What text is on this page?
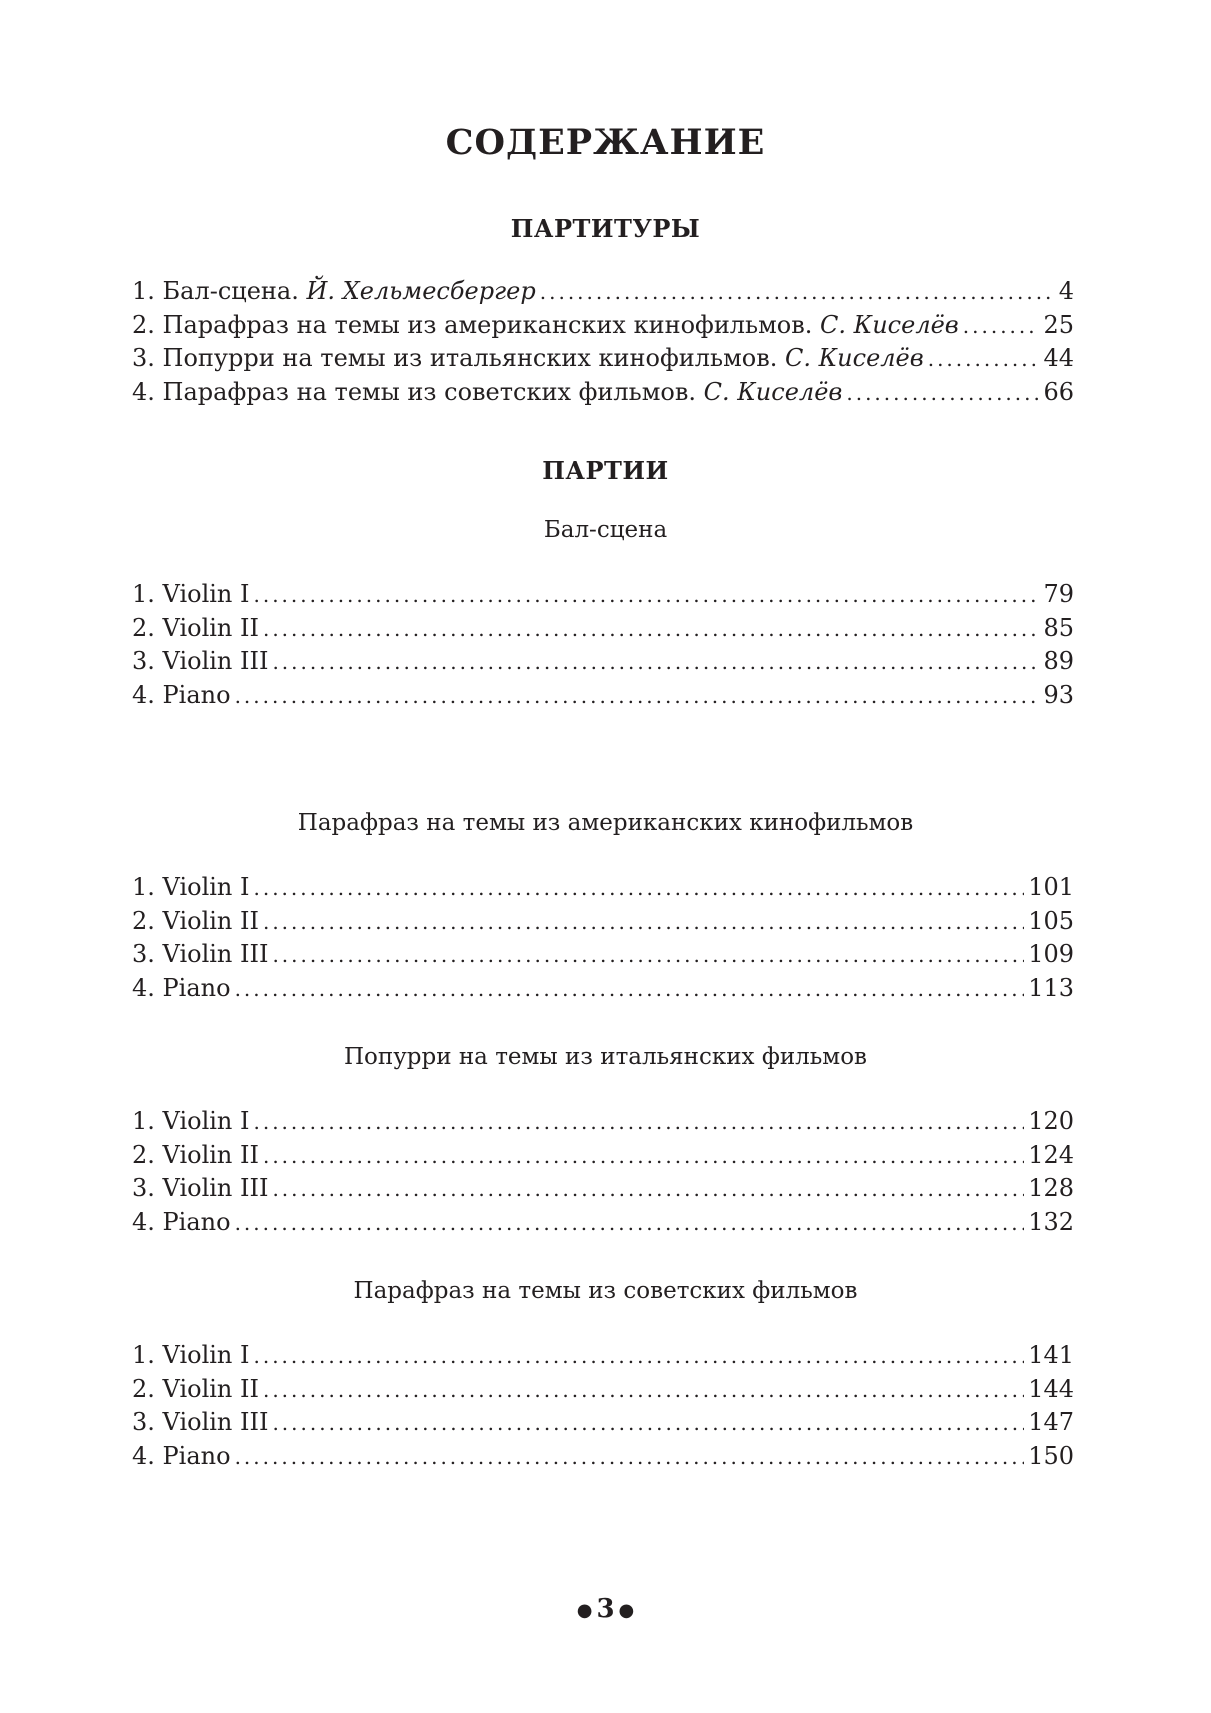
СОДЕРЖАНИЕ
ПАРТИТУРЫ
1. Бал-сцена. Й. Хельмесбергер .....	4
2. Парафраз на темы из американских кинофильмов. С. Киселёв .....	25
3. Попурри на темы из итальянских кинофильмов. С. Киселёв .....	44
4. Парафраз на темы из советских фильмов. С. Киселёв .....	66
ПАРТИИ
Бал-сцена
1. Violin I .....	79
2. Violin II .....	85
3. Violin III .....	89
4. Piano .....	93
Парафраз на темы из американских кинофильмов
1. Violin I .....	101
2. Violin II .....	105
3. Violin III .....	109
4. Piano .....	113
Попурри на темы из итальянских фильмов
1. Violin I .....	120
2. Violin II .....	124
3. Violin III .....	128
4. Piano .....	132
Парафраз на темы из советских фильмов
1. Violin I .....	141
2. Violin II .....	144
3. Violin III .....	147
4. Piano .....	150
● 3 ●
